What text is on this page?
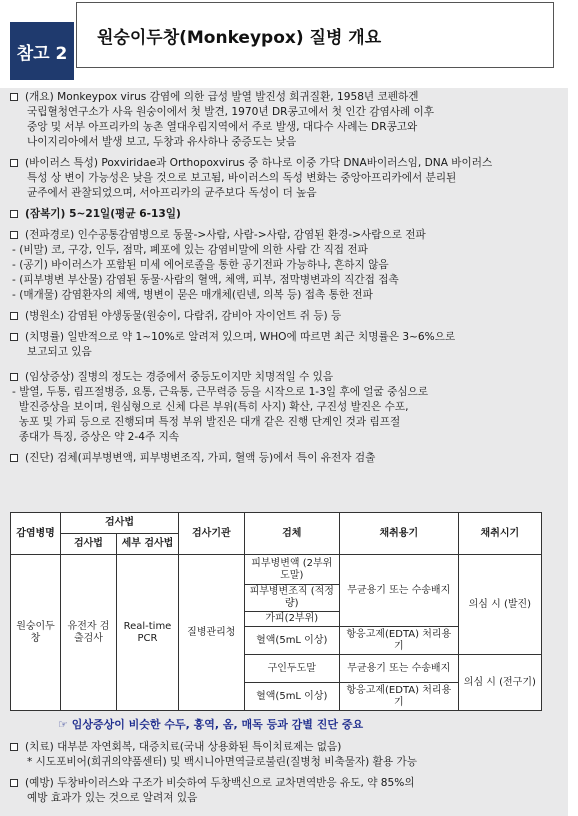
참고 2
원숭이두창(Monkeypox) 질병 개요
(개요) Monkeypox virus 감염에 의한 급성 발열 발진성 희귀질환, 1958년 코펜하겐
국립혈청연구소가 사육 원숭이에서 첫 발견, 1970년 DR콩고에서 첫 인간 감염사례 이후
중앙 및 서부 아프리카의 농촌 열대우림지역에서 주로 발생, 대다수 사례는 DR콩고와
나이지리아에서 발생 보고, 두창과 유사하나 중증도는 낮음
(바이러스 특성) Poxviridae과 Orthopoxvirus 중 하나로 이중 가닥 DNA바이러스임, DNA 바이러스
특성 상 변이 가능성은 낮을 것으로 보고됨, 바이러스의 독성 변화는 중앙아프리카에서 분리된
균주에서 관찰되었으며, 서아프리카의 균주보다 독성이 더 높음
(잠복기) 5~21일(평균 6-13일)
(전파경로) 인수공통감염병으로 동물->사람, 사람->사람, 감염된 환경->사람으로 전파
- (비말) 코, 구강, 인두, 점막, 폐포에 있는 감염비말에 의한 사람 간 직접 전파
- (공기) 바이러스가 포함된 미세 에어로졸을 통한 공기전파 가능하나, 흔하지 않음
- (피부병변 부산물) 감염된 동물·사람의 혈액, 체액, 피부, 점막병변과의 직간접 접촉
- (매개물) 감염환자의 체액, 병변이 묻은 매개체(린넨, 의복 등) 접촉 통한 전파
(병원소) 감염된 야생동물(원숭이, 다람쥐, 감비아 자이언트 쥐 등) 등
(치명률) 일반적으로 약 1~10%로 알려져 있으며, WHO에 따르면 최근 치명률은 3~6%으로
보고되고 있음
(임상증상) 질병의 정도는 경증에서 중등도이지만 치명적일 수 있음
- 발열, 두통, 림프절병증, 요통, 근육통, 근무력증 등을 시작으로 1-3일 후에 얼굴 중심으로
발진증상을 보이며, 원심형으로 신체 다른 부위(특히 사지) 확산, 구진성 발진은 수포,
농포 및 가피 등으로 진행되며 특정 부위 발진은 대개 같은 진행 단계인 것과 림프절
종대가 특징, 증상은 약 2-4주 지속
(진단) 검체(피부병변액, 피부병변조직, 가피, 혈액 등)에서 특이 유전자 검출
감염병명	검사법		검사기관	검체	채취용기	채취시기
	검사법	세부 검사법				
원숭이두창	유전자 검출검사	Real-time PCR	질병관리청	피부병변액 (2부위 도말)	무균용기 또는 수송배지	의심 시 (발진)
				피부병변조직 (적정량)		
				가피(2부위)		
				혈액(5mL 이상)	항응고제(EDTA) 처리용기	
				구인두도말	무균용기 또는 수송배지	의심 시 (전구기)
				혈액(5mL 이상)	항응고제(EDTA) 처리용기	
☞ 임상증상이 비슷한 수두, 홍역, 옴, 매독 등과 감별 진단 중요
(치료) 대부분 자연회복, 대증치료(국내 상용화된 특이치료제는 없음)
* 시도포비어(희귀의약품센터) 및 백시니아면역글로불린(질병청 비축물자) 활용 가능
(예방) 두창바이러스와 구조가 비슷하여 두창백신으로 교차면역반응 유도, 약 85%의
예방 효과가 있는 것으로 알려져 있음
